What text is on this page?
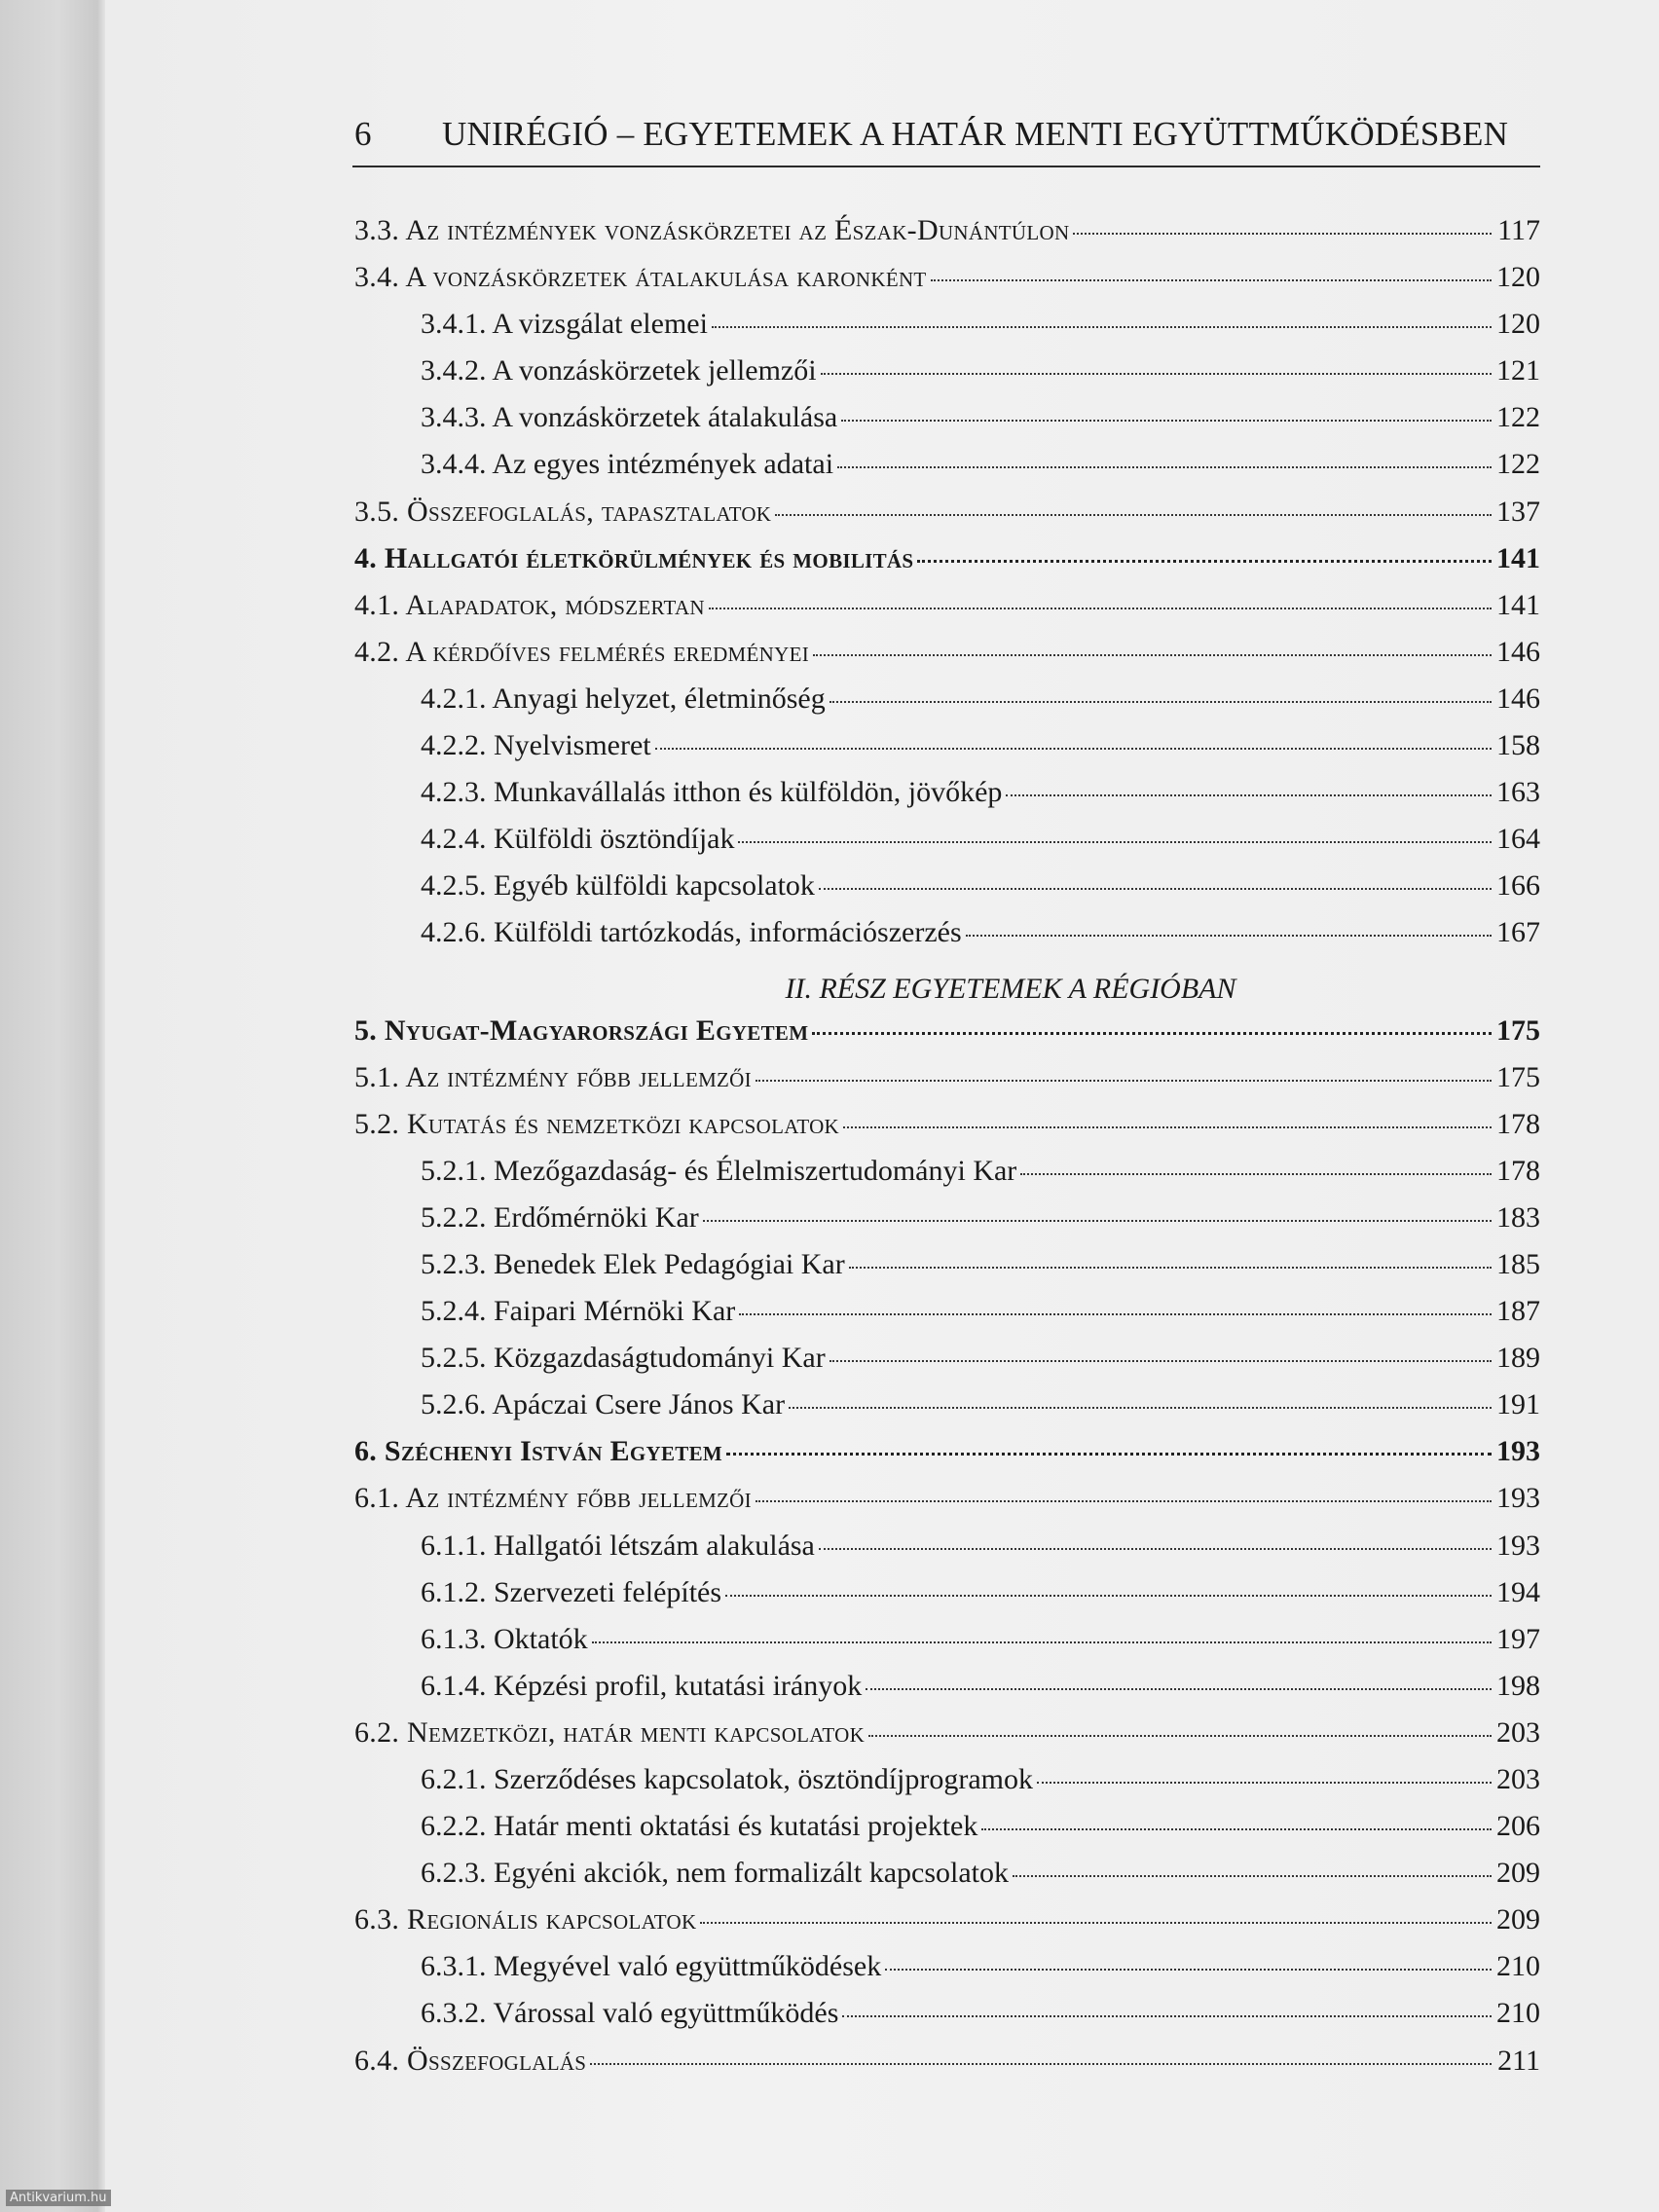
6	UNIRÉGIÓ – EGYETEMEK A HATÁR MENTI EGYÜTTMŰKÖDÉSBEN
3.3. Az intézmények vonzáskörzetei az Észak-Dunántúlon	117
3.4. A vonzáskörzetek átalakulása karonként	120
3.4.1. A vizsgálat elemei	120
3.4.2. A vonzáskörzetek jellemzői	121
3.4.3. A vonzáskörzetek átalakulása	122
3.4.4. Az egyes intézmények adatai	122
3.5. Összefoglalás, tapasztalatok	137
4. Hallgatói életkörülmények és mobilitás	141
4.1. Alapadatok, módszertan	141
4.2. A kérdőíves felmérés eredményei	146
4.2.1. Anyagi helyzet, életminőség	146
4.2.2. Nyelvismeret	158
4.2.3. Munkavállalás itthon és külföldön, jövőkép	163
4.2.4. Külföldi ösztöndíjak	164
4.2.5. Egyéb külföldi kapcsolatok	166
4.2.6. Külföldi tartózkodás, információszerzés	167
II. RÉSZ EGYETEMEK A RÉGIÓBAN
5. Nyugat-Magyarországi Egyetem	175
5.1. Az intézmény főbb jellemzői	175
5.2. Kutatás és nemzetközi kapcsolatok	178
5.2.1. Mezőgazdaság- és Élelmiszertudományi Kar	178
5.2.2. Erdőmérnöki Kar	183
5.2.3. Benedek Elek Pedagógiai Kar	185
5.2.4. Faipari Mérnöki Kar	187
5.2.5. Közgazdaságtudományi Kar	189
5.2.6. Apáczai Csere János Kar	191
6. Széchenyi István Egyetem	193
6.1. Az intézmény főbb jellemzői	193
6.1.1. Hallgatói létszám alakulása	193
6.1.2. Szervezeti felépítés	194
6.1.3. Oktatók	197
6.1.4. Képzési profil, kutatási irányok	198
6.2. Nemzetközi, határ menti kapcsolatok	203
6.2.1. Szerződéses kapcsolatok, ösztöndíjprogramok	203
6.2.2. Határ menti oktatási és kutatási projektek	206
6.2.3. Egyéni akciók, nem formalizált kapcsolatok	209
6.3. Regionális kapcsolatok	209
6.3.1. Megyével való együttműködések	210
6.3.2. Várossal való együttműködés	210
6.4. Összefoglalás	211
Antikvarium.hu
